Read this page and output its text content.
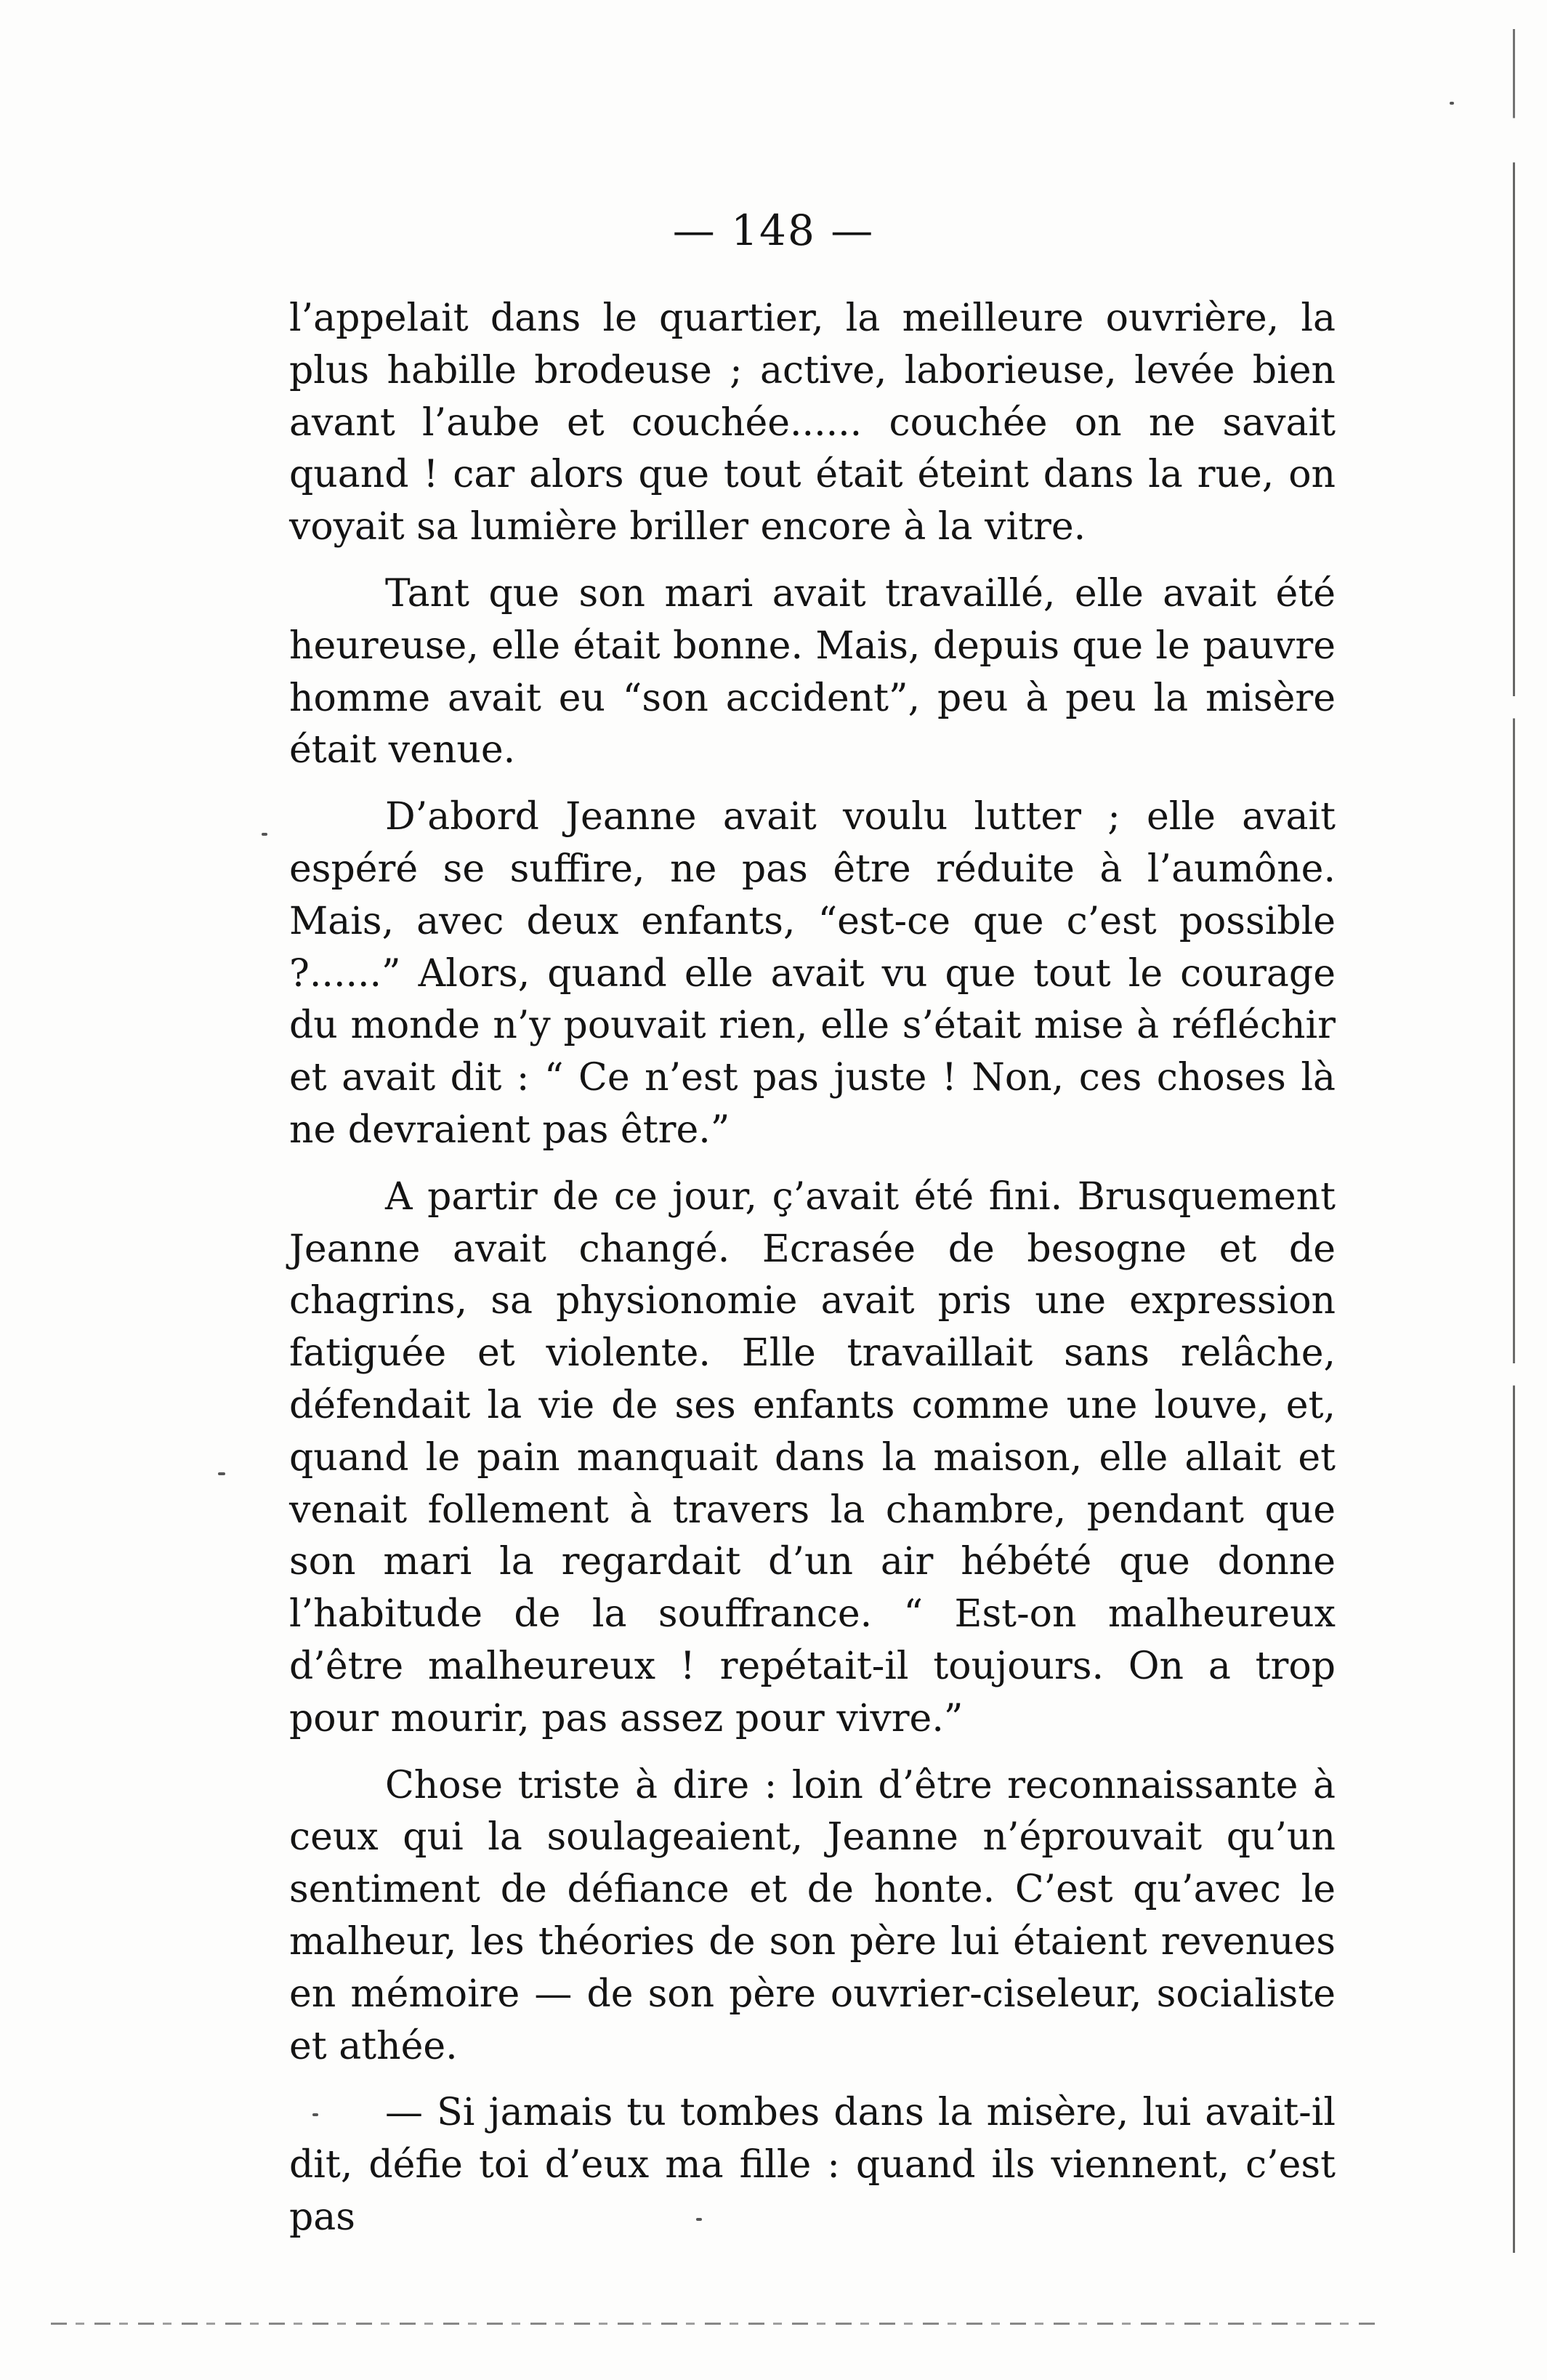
— 148 —

l’appelait dans le quartier, la meilleure ouvrière, la plus habille brodeuse ; active, laborieuse, levée bien avant l’aube et couchée...... couchée on ne savait quand ! car alors que tout était éteint dans la rue, on voyait sa lumière briller encore à la vitre.

Tant que son mari avait travaillé, elle avait été heureuse, elle était bonne. Mais, depuis que le pauvre homme avait eu “son accident”, peu à peu la misère était venue.

D’abord Jeanne avait voulu lutter ; elle avait espéré se suffire, ne pas être réduite à l’aumône. Mais, avec deux enfants, “est-ce que c’est possible ?......” Alors, quand elle avait vu que tout le courage du monde n’y pouvait rien, elle s’était mise à réfléchir et avait dit : “ Ce n’est pas juste ! Non, ces choses là ne devraient pas être.”

A partir de ce jour, ç’avait été fini. Brusquement Jeanne avait changé. Ecrasée de besogne et de chagrins, sa physionomie avait pris une expression fatiguée et violente. Elle travaillait sans relâche, défendait la vie de ses enfants comme une louve, et, quand le pain manquait dans la maison, elle allait et venait follement à travers la chambre, pendant que son mari la regardait d’un air hébété que donne l’habitude de la souffrance. “ Est-on malheureux d’être malheureux ! repétait-il toujours. On a trop pour mourir, pas assez pour vivre.”

Chose triste à dire : loin d’être reconnaissante à ceux qui la soulageaient, Jeanne n’éprouvait qu’un sentiment de défiance et de honte. C’est qu’avec le malheur, les théories de son père lui étaient revenues en mémoire — de son père ouvrier-ciseleur, socialiste et athée.

— Si jamais tu tombes dans la misère, lui avait-il dit, défie toi d’eux ma fille : quand ils viennent, c’est pas
